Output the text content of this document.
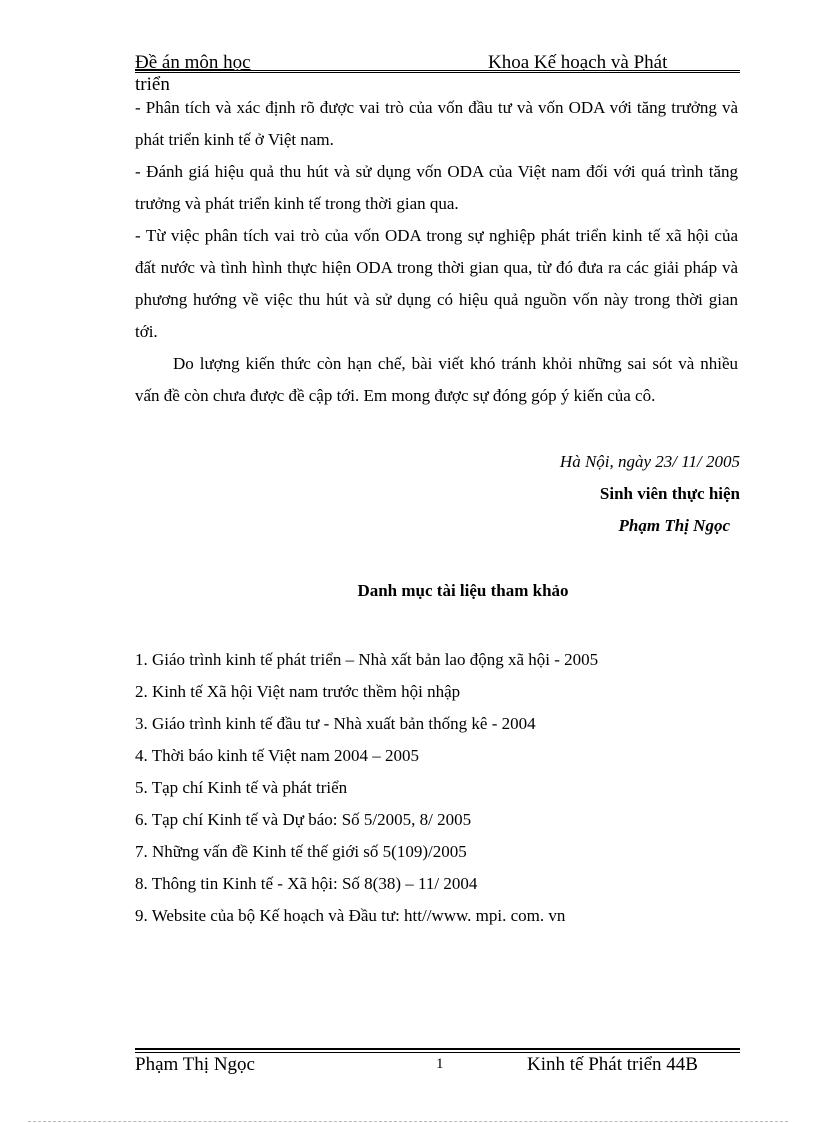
Đề án môn học	Khoa Kế hoạch và Phát
triển

- Phân tích và xác định rõ được vai trò của vốn đầu tư và vốn ODA với tăng trưởng và phát triển kinh tế ở Việt nam.

- Đánh giá hiệu quả thu hút và sử dụng vốn ODA của Việt nam đối với quá trình tăng trưởng và phát triển kinh tế trong thời gian qua.

- Từ việc phân tích vai trò của vốn ODA trong sự nghiệp phát triển kinh tế xã hội của đất nước và tình hình thực hiện ODA trong thời gian qua, từ đó đưa ra các giải pháp và phương hướng về việc thu hút và sử dụng có hiệu quả nguồn vốn này trong thời gian tới.

Do lượng kiến thức còn hạn chế, bài viết khó tránh khỏi những sai sót và nhiều vấn đề còn chưa được đề cập tới. Em mong được sự đóng góp ý kiến của cô.

Hà Nội, ngày 23/ 11/ 2005
Sinh viên thực hiện
Phạm Thị Ngọc
Danh mục tài liệu tham khảo
1. Giáo trình kinh tế phát triển – Nhà xất bản lao động xã hội - 2005
2. Kinh tế Xã hội Việt nam trước thềm hội nhập
3. Giáo trình kinh tế đầu tư - Nhà xuất bản thống kê - 2004
4. Thời báo kinh tế Việt nam 2004 – 2005
5. Tạp chí Kinh tế và phát triển
6. Tạp chí Kinh tế và Dự báo: Số 5/2005, 8/ 2005
7. Những vấn đề Kinh tế thế giới số 5(109)/2005
8. Thông tin Kinh tế - Xã hội: Số 8(38) – 11/ 2004
9. Website của bộ Kế hoạch và Đầu tư: htt//www. mpi. com. vn
Phạm Thị Ngọc	1	Kinh tế Phát triển 44B
